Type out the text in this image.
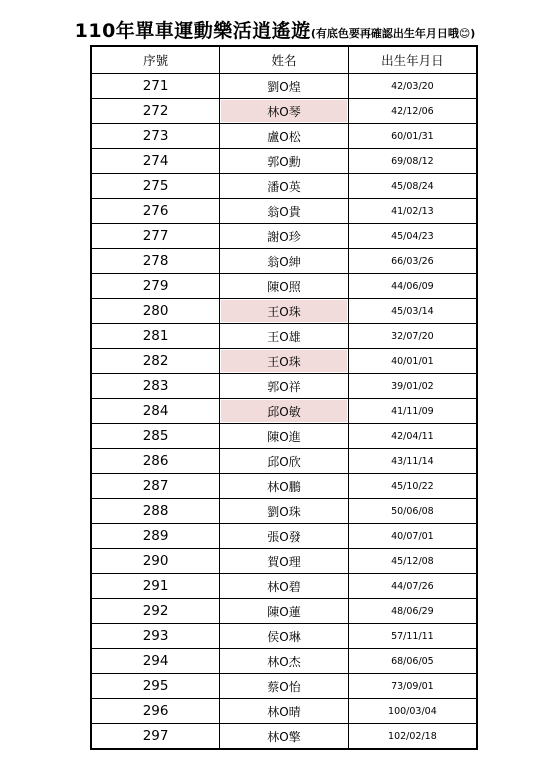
110年單車運動樂活逍遙遊(有底色要再確認出生年月日哦😊)
序號	姓名	出生年月日
271	劉O煌	42/03/20
272	林O琴	42/12/06
273	盧O松	60/01/31
274	郭O勳	69/08/12
275	潘O英	45/08/24
276	翁O貴	41/02/13
277	謝O珍	45/04/23
278	翁O紳	66/03/26
279	陳O照	44/06/09
280	王O珠	45/03/14
281	王O雄	32/07/20
282	王O珠	40/01/01
283	郭O祥	39/01/02
284	邱O敏	41/11/09
285	陳O進	42/04/11
286	邱O欣	43/11/14
287	林O鵬	45/10/22
288	劉O珠	50/06/08
289	張O發	40/07/01
290	賀O理	45/12/08
291	林O碧	44/07/26
292	陳O蓮	48/06/29
293	侯O琳	57/11/11
294	林O杰	68/06/05
295	蔡O怡	73/09/01
296	林O晴	100/03/04
297	林O擎	102/02/18
